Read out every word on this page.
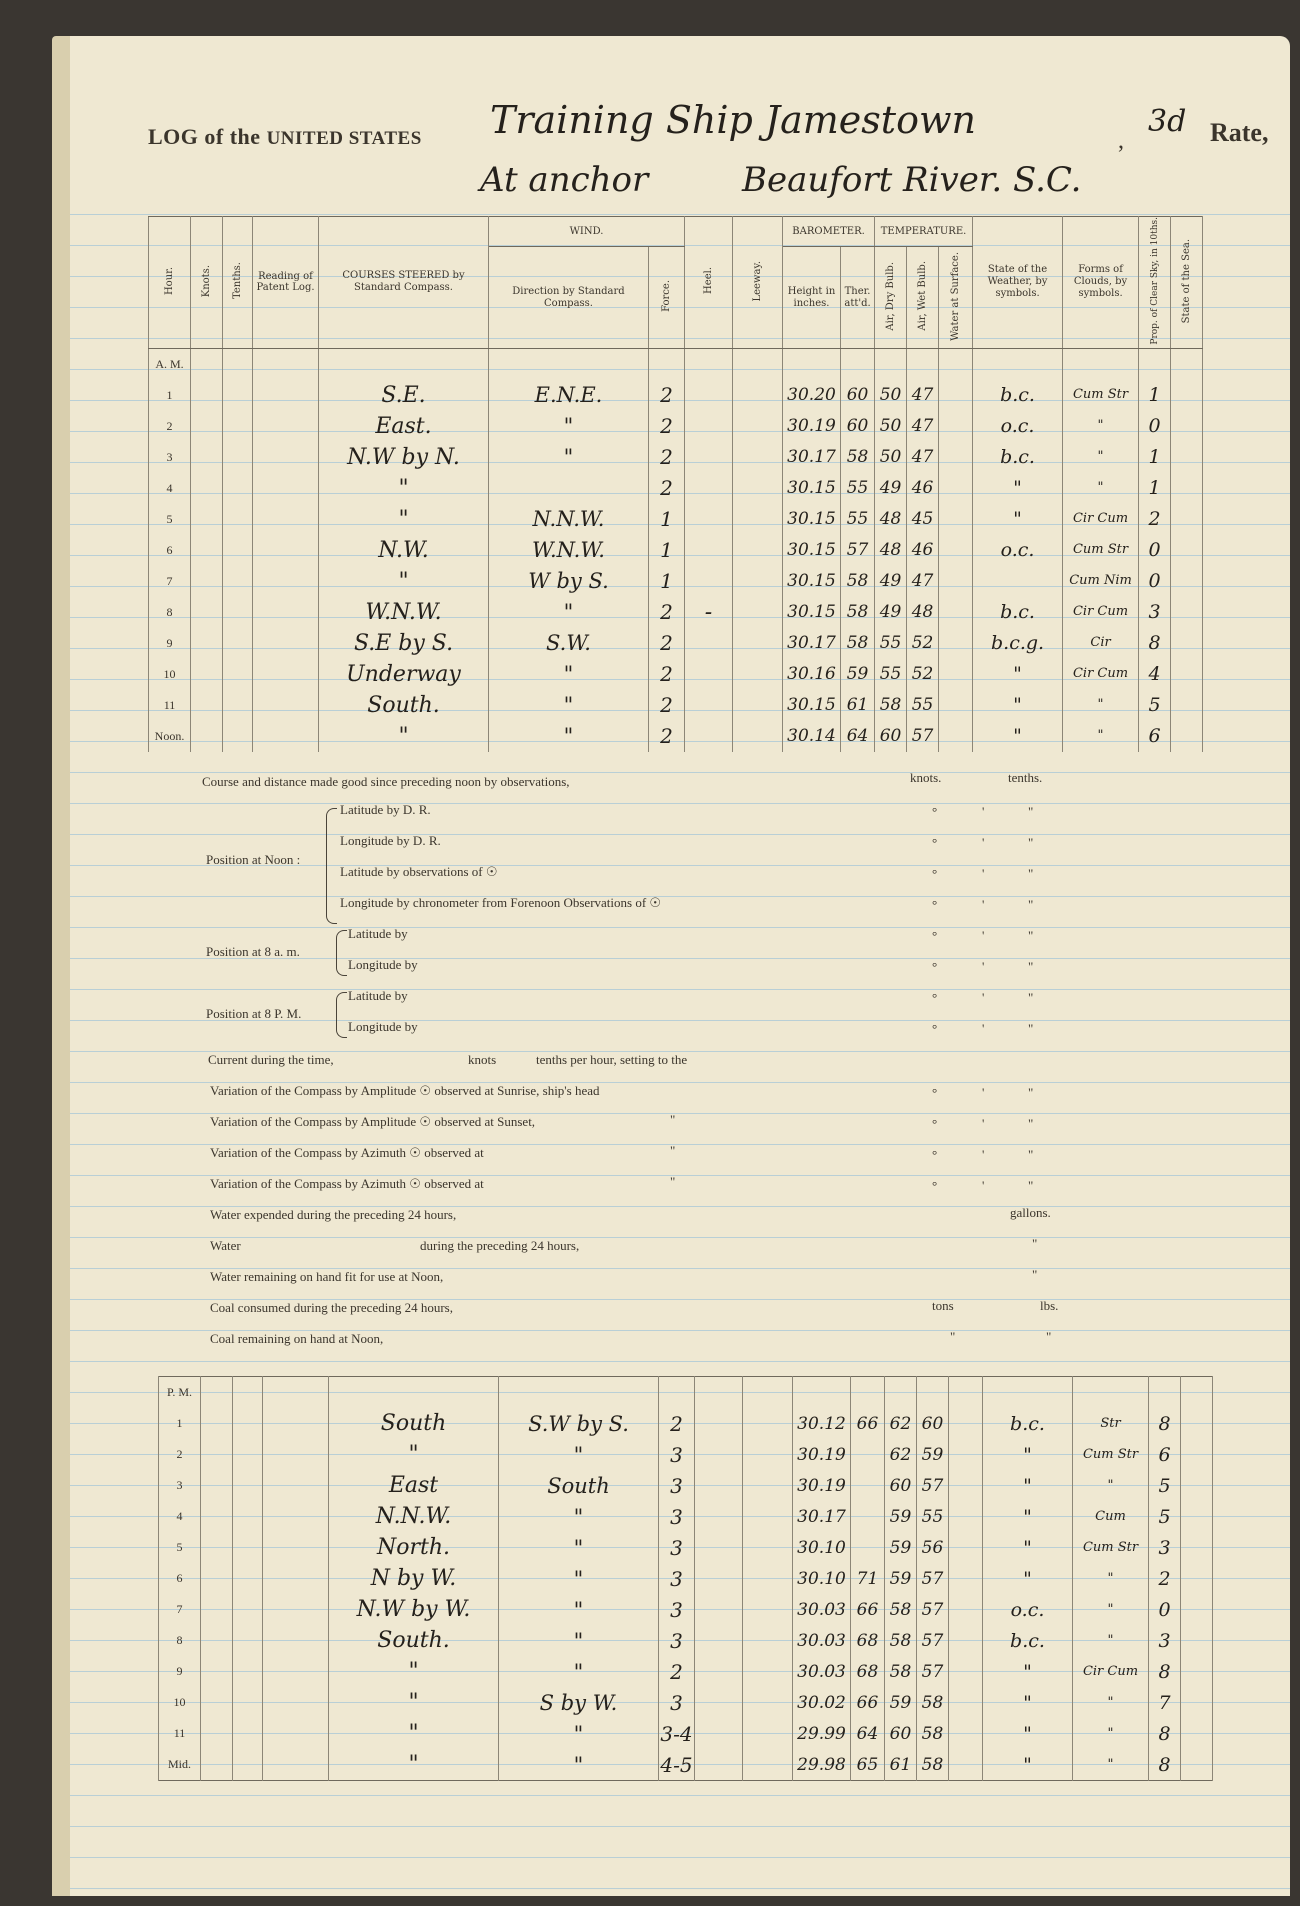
LOG of the UNITED STATES Training Ship Jamestown	,
3d Rate,
At anchor	Beaufort River. S.C.
Hour.	Knots.	Tenths.	Reading of Patent Log.	COURSES STEERED by Standard Compass.	WIND.		Heel.	Leeway.	BAROMETER.		TEMPERATURE.			State of the Weather, by symbols.	Forms of Clouds, by symbols.	Prop. of Clear Sky, in 10ths.	State of the Sea.
					Direction by Standard Compass.	Force.			Height in inches.	Ther. att'd.	Air, Dry Bulb.	Air, Wet Bulb.	Water at Surface.				
A. M.																	
1				S.E.	E.N.E.	2			30.20	60	50	47		b.c.	Cum Str	1	
2				East.	"	2			30.19	60	50	47		o.c.	"	0	
3				N.W by N.	"	2			30.17	58	50	47		b.c.	"	1	
4				"		2			30.15	55	49	46		"	"	1	
5				"	N.N.W.	1			30.15	55	48	45		"	Cir Cum	2	
6				N.W.	W.N.W.	1			30.15	57	48	46		o.c.	Cum Str	0	
7				"	W by S.	1			30.15	58	49	47			Cum Nim	0	
8				W.N.W.	"	2	-		30.15	58	49	48		b.c.	Cir Cum	3	
9				S.E by S.	S.W.	2			30.17	58	55	52		b.c.g.	Cir	8	
10				Underway	"	2			30.16	59	55	52		"	Cir Cum	4	
11				South.	"	2			30.15	61	58	55		"	"	5	
Noon.				"	"	2			30.14	64	60	57		"	"	6	
Course and distance made good since preceding noon by observations,	knots.	tenths.
Position at Noon :
Latitude by D. R.	°	'	"
Longitude by D. R.	°	'	"
Latitude by observations of ☉	°	'	"
Longitude by chronometer from Forenoon Observations of ☉	°	'	"
Position at 8 a. m.
Latitude by	°	'	"
Longitude by	°	'	"
Position at 8 P. M.
Latitude by	°	'	"
Longitude by	°	'	"
Current during the time,	knots	tenths per hour, setting to the
Variation of the Compass by Amplitude ☉ observed at Sunrise, ship's head	°	'	"
Variation of the Compass by Amplitude ☉ observed at Sunset,	"	°	'	"
Variation of the Compass by Azimuth ☉ observed at	"	°	'	"
Variation of the Compass by Azimuth ☉ observed at	"	°	'	"
Water expended during the preceding 24 hours,	gallons.
Water	during the preceding 24 hours,	"
Water remaining on hand fit for use at Noon,	"
Coal consumed during the preceding 24 hours,	tons	lbs.
Coal remaining on hand at Noon,	"	"
P. M.																	
1				South	S.W by S.	2			30.12	66	62	60		b.c.	Str	8	
2				"	"	3			30.19		62	59		"	Cum Str	6	
3				East	South	3			30.19		60	57		"	"	5	
4				N.N.W.	"	3			30.17		59	55		"	Cum	5	
5				North.	"	3			30.10		59	56		"	Cum Str	3	
6				N by W.	"	3			30.10	71	59	57		"	"	2	
7				N.W by W.	"	3			30.03	66	58	57		o.c.	"	0	
8				South.	"	3			30.03	68	58	57		b.c.	"	3	
9				"	"	2			30.03	68	58	57		"	Cir Cum	8	
10				"	S by W.	3			30.02	66	59	58		"	"	7	
11				"	"	3-4			29.99	64	60	58		"	"	8	
Mid.				"	"	4-5			29.98	65	61	58		"	"	8	
